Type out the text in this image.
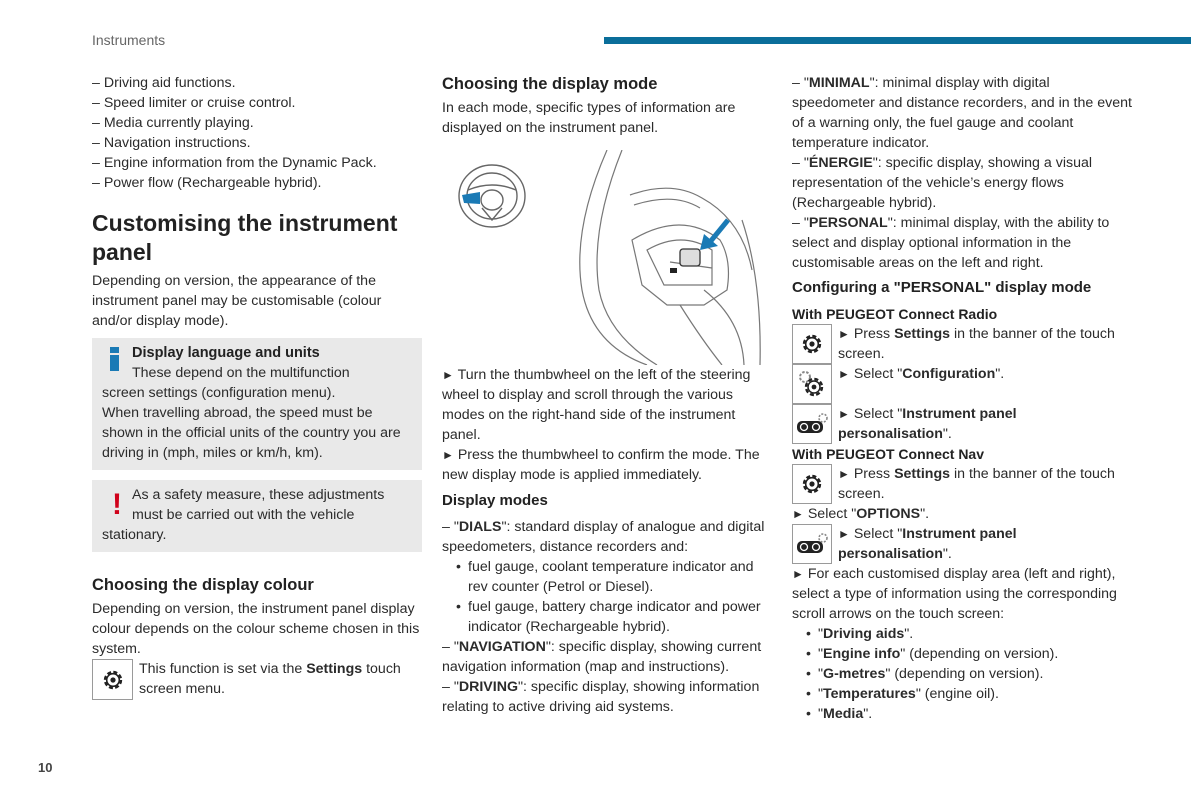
Instruments

– Driving aid functions.

– Speed limiter or cruise control.

– Media currently playing.

– Navigation instructions.

– Engine information from the Dynamic Pack.

– Power flow (Rechargeable hybrid).

Customising the instrument panel

Depending on version, the appearance of the instrument panel may be customisable (colour and/or display mode).

Display language and units
These depend on the multifunction
screen settings (configuration menu).
When travelling abroad, the speed must be shown in the official units of the country you are driving in (mph, miles or km/h, km).
! As a safety measure, these adjustments
must be carried out with the vehicle
stationary.
Choosing the display colour

Depending on version, the instrument panel display colour depends on the colour scheme chosen in this system.

This function is set via the Settings touch screen menu.

Choosing the display mode

In each mode, specific types of information are displayed on the instrument panel.

► Turn the thumbwheel on the left of the steering wheel to display and scroll through the various modes on the right-hand side of the instrument panel.

► Press the thumbwheel to confirm the mode. The new display mode is applied immediately.

Display modes

– "DIALS": standard display of analogue and digital speedometers, distance recorders and:

• fuel gauge, coolant temperature indicator and rev counter (Petrol or Diesel).

• fuel gauge, battery charge indicator and power indicator (Rechargeable hybrid).

– "NAVIGATION": specific display, showing current navigation information (map and instructions).

– "DRIVING": specific display, showing information relating to active driving aid systems.

– "MINIMAL": minimal display with digital speedometer and distance recorders, and in the event of a warning only, the fuel gauge and coolant temperature indicator.

– "ÉNERGIE": specific display, showing a visual representation of the vehicle’s energy flows (Rechargeable hybrid).

– "PERSONAL": minimal display, with the ability to select and display optional information in the customisable areas on the left and right.

Configuring a "PERSONAL" display mode
With PEUGEOT Connect Radio

► Press Settings in the banner of the touch screen.

► Select "Configuration".

► Select "Instrument panel personalisation".

With PEUGEOT Connect Nav

► Press Settings in the banner of the touch screen.

► Select "OPTIONS".

► Select "Instrument panel personalisation".

► For each customised display area (left and right), select a type of information using the corresponding scroll arrows on the touch screen:

• "Driving aids".

• "Engine info" (depending on version).

• "G-metres" (depending on version).

• "Temperatures" (engine oil).

• "Media".

10
